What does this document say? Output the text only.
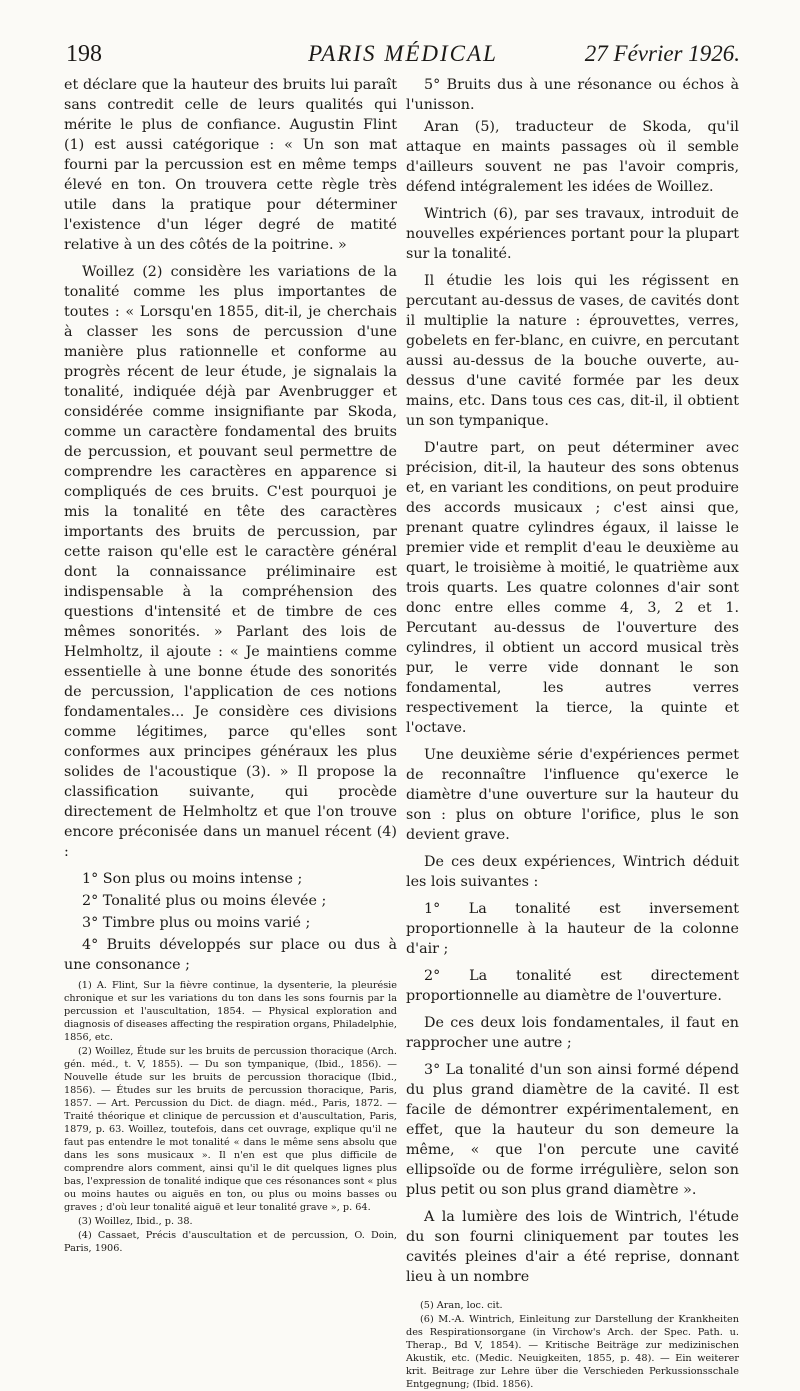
198	PARIS MÉDICAL	27 Février 1926.

et déclare que la hauteur des bruits lui paraît sans contredit celle de leurs qualités qui mérite le plus de confiance. Augustin Flint (1) est aussi catégorique : « Un son mat fourni par la percussion est en même temps élevé en ton. On trouvera cette règle très utile dans la pratique pour déterminer l'existence d'un léger degré de matité relative à un des côtés de la poitrine. »

Woillez (2) considère les variations de la tonalité comme les plus importantes de toutes : « Lorsqu'en 1855, dit-il, je cherchais à classer les sons de percussion d'une manière plus rationnelle et conforme au progrès récent de leur étude, je signalais la tonalité, indiquée déjà par Avenbrugger et considérée comme insignifiante par Skoda, comme un caractère fondamental des bruits de percussion, et pouvant seul permettre de comprendre les caractères en apparence si compliqués de ces bruits. C'est pourquoi je mis la tonalité en tête des caractères importants des bruits de percussion, par cette raison qu'elle est le caractère général dont la connaissance préliminaire est indispensable à la compréhension des questions d'intensité et de timbre de ces mêmes sonorités. » Parlant des lois de Helmholtz, il ajoute : « Je maintiens comme essentielle à une bonne étude des sonorités de percussion, l'application de ces notions fondamentales... Je considère ces divisions comme légitimes, parce qu'elles sont conformes aux principes généraux les plus solides de l'acoustique (3). » Il propose la classification suivante, qui procède directement de Helmholtz et que l'on trouve encore préconisée dans un manuel récent (4) :

1° Son plus ou moins intense ;

2° Tonalité plus ou moins élevée ;

3° Timbre plus ou moins varié ;

4° Bruits développés sur place ou dus à une consonance ;

(1) A. Flint, Sur la fièvre continue, la dysenterie, la pleurésie chronique et sur les variations du ton dans les sons fournis par la percussion et l'auscultation, 1854. — Physical exploration and diagnosis of diseases affecting the respiration organs, Philadelphie, 1856, etc.

(2) Woillez, Étude sur les bruits de percussion thoracique (Arch. gén. méd., t. V, 1855). — Du son tympanique, (Ibid., 1856). — Nouvelle étude sur les bruits de percussion thoracique (Ibid., 1856). — Études sur les bruits de percussion thoracique, Paris, 1857. — Art. Percussion du Dict. de diagn. méd., Paris, 1872. — Traité théorique et clinique de percussion et d'auscultation, Paris, 1879, p. 63. Woillez, toutefois, dans cet ouvrage, explique qu'il ne faut pas entendre le mot tonalité « dans le même sens absolu que dans les sons musicaux ». Il n'en est que plus difficile de comprendre alors comment, ainsi qu'il le dit quelques lignes plus bas, l'expression de tonalité indique que ces résonances sont « plus ou moins hautes ou aiguës en ton, ou plus ou moins basses ou graves ; d'où leur tonalité aiguë et leur tonalité grave », p. 64.

(3) Woillez, Ibid., p. 38.

(4) Cassaet, Précis d'auscultation et de percussion, O. Doin, Paris, 1906.

5° Bruits dus à une résonance ou échos à l'unisson.

Aran (5), traducteur de Skoda, qu'il attaque en maints passages où il semble d'ailleurs souvent ne pas l'avoir compris, défend intégralement les idées de Woillez.

Wintrich (6), par ses travaux, introduit de nouvelles expériences portant pour la plupart sur la tonalité.

Il étudie les lois qui les régissent en percutant au-dessus de vases, de cavités dont il multiplie la nature : éprouvettes, verres, gobelets en fer-blanc, en cuivre, en percutant aussi au-dessus de la bouche ouverte, au-dessus d'une cavité formée par les deux mains, etc. Dans tous ces cas, dit-il, il obtient un son tympanique.

D'autre part, on peut déterminer avec précision, dit-il, la hauteur des sons obtenus et, en variant les conditions, on peut produire des accords musicaux ; c'est ainsi que, prenant quatre cylindres égaux, il laisse le premier vide et remplit d'eau le deuxième au quart, le troisième à moitié, le quatrième aux trois quarts. Les quatre colonnes d'air sont donc entre elles comme 4, 3, 2 et 1. Percutant au-dessus de l'ouverture des cylindres, il obtient un accord musical très pur, le verre vide donnant le son fondamental, les autres verres respectivement la tierce, la quinte et l'octave.

Une deuxième série d'expériences permet de reconnaître l'influence qu'exerce le diamètre d'une ouverture sur la hauteur du son : plus on obture l'orifice, plus le son devient grave.

De ces deux expériences, Wintrich déduit les lois suivantes :

1° La tonalité est inversement proportionnelle à la hauteur de la colonne d'air ;

2° La tonalité est directement proportionnelle au diamètre de l'ouverture.

De ces deux lois fondamentales, il faut en rapprocher une autre ;

3° La tonalité d'un son ainsi formé dépend du plus grand diamètre de la cavité. Il est facile de démontrer expérimentalement, en effet, que la hauteur du son demeure la même, « que l'on percute une cavité ellipsoïde ou de forme irrégulière, selon son plus petit ou son plus grand diamètre ».

A la lumière des lois de Wintrich, l'étude du son fourni cliniquement par toutes les cavités pleines d'air a été reprise, donnant lieu à un nombre

(5) Aran, loc. cit.

(6) M.-A. Wintrich, Einleitung zur Darstellung der Krankheiten des Respirationsorgane (in Virchow's Arch. der Spec. Path. u. Therap., Bd V, 1854). — Kritische Beiträge zur medizinischen Akustik, etc. (Medic. Neuigkeiten, 1855, p. 48). — Ein weiterer krit. Beitrage zur Lehre über die Verschieden Perkussionsschale Entgegnung; (Ibid. 1856).
